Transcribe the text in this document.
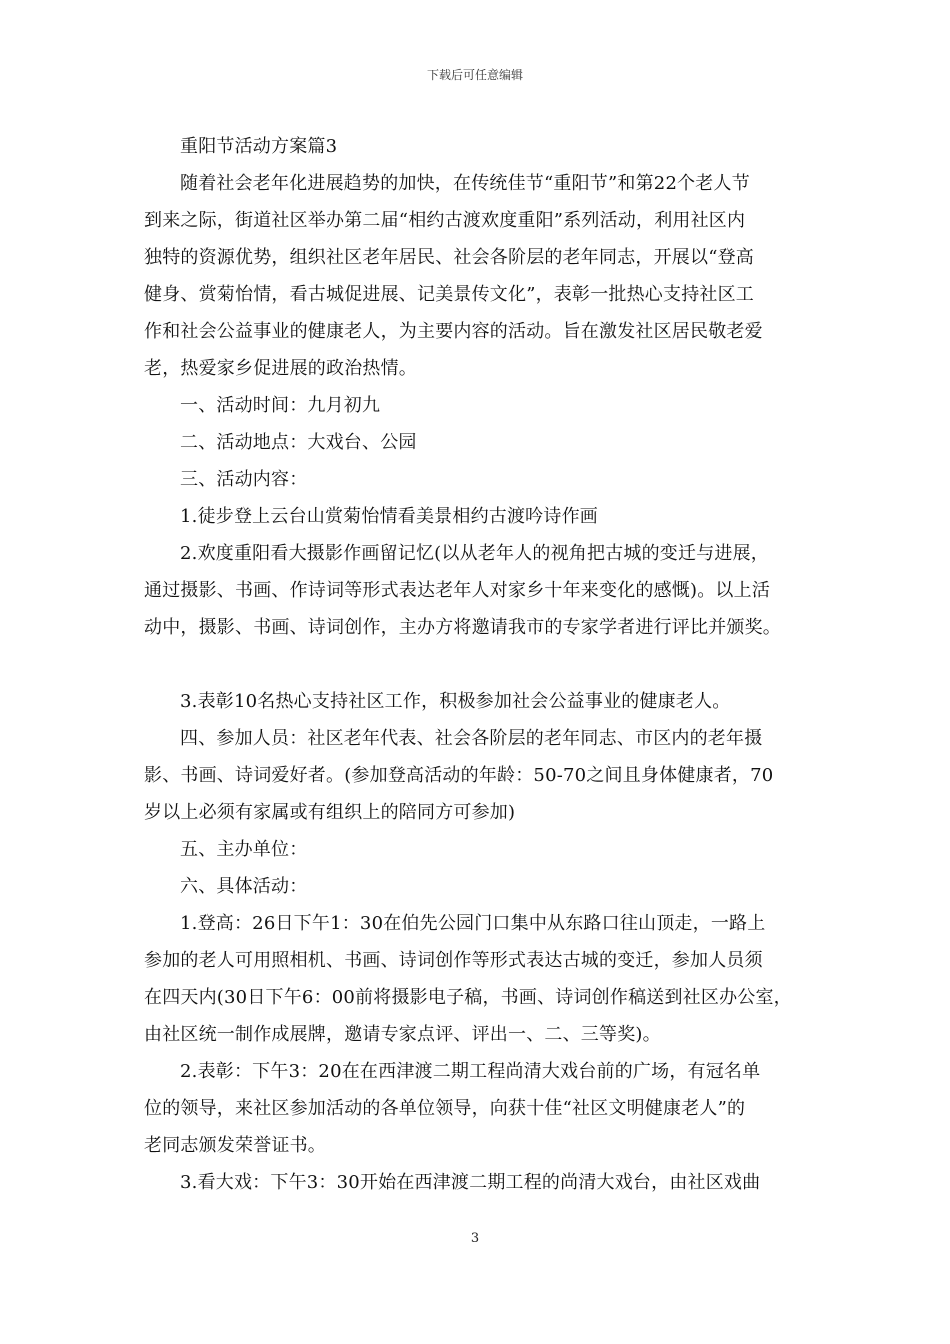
下载后可任意编辑
重阳节活动方案篇3
随着社会老年化进展趋势的加快，在传统佳节“重阳节”和第22个老人节
到来之际，街道社区举办第二届“相约古渡欢度重阳”系列活动，利用社区内
独特的资源优势，组织社区老年居民、社会各阶层的老年同志，开展以“登高
健身、赏菊怡情，看古城促进展、记美景传文化”，表彰一批热心支持社区工
作和社会公益事业的健康老人，为主要内容的活动。旨在激发社区居民敬老爱
老，热爱家乡促进展的政治热情。
一、活动时间：九月初九
二、活动地点：大戏台、公园
三、活动内容：
1.徒步登上云台山赏菊怡情看美景相约古渡吟诗作画
2.欢度重阳看大摄影作画留记忆(以从老年人的视角把古城的变迁与进展，
通过摄影、书画、作诗词等形式表达老年人对家乡十年来变化的感慨)。以上活
动中，摄影、书画、诗词创作，主办方将邀请我市的专家学者进行评比并颁奖。
3.表彰10名热心支持社区工作，积极参加社会公益事业的健康老人。
四、参加人员：社区老年代表、社会各阶层的老年同志、市区内的老年摄
影、书画、诗词爱好者。(参加登高活动的年龄：50-70之间且身体健康者，70
岁以上必须有家属或有组织上的陪同方可参加)
五、主办单位：
六、具体活动：
1.登高：26日下午1：30在伯先公园门口集中从东路口往山顶走，一路上
参加的老人可用照相机、书画、诗词创作等形式表达古城的变迁，参加人员须
在四天内(30日下午6：00前将摄影电子稿，书画、诗词创作稿送到社区办公室，
由社区统一制作成展牌，邀请专家点评、评出一、二、三等奖)。
2.表彰：下午3：20在在西津渡二期工程尚清大戏台前的广场，有冠名单
位的领导，来社区参加活动的各单位领导，向获十佳“社区文明健康老人”的
老同志颁发荣誉证书。
3.看大戏：下午3：30开始在西津渡二期工程的尚清大戏台，由社区戏曲
3
